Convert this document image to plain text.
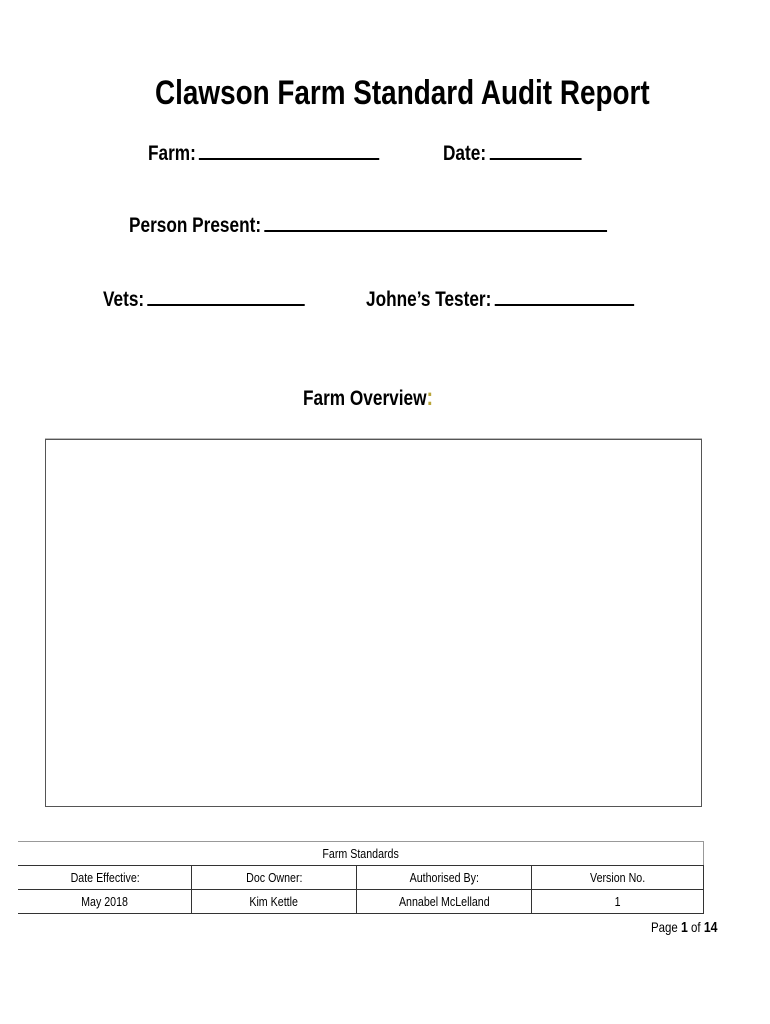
Clawson Farm Standard Audit Report
Farm:	Date:
Person Present:
Vets:	Johne’s Tester:
Farm Overview:
Farm Standards			
Date Effective:	Doc Owner:	Authorised By:	Version No.
May 2018	Kim Kettle	Annabel McLelland	1
Page 1 of 14
